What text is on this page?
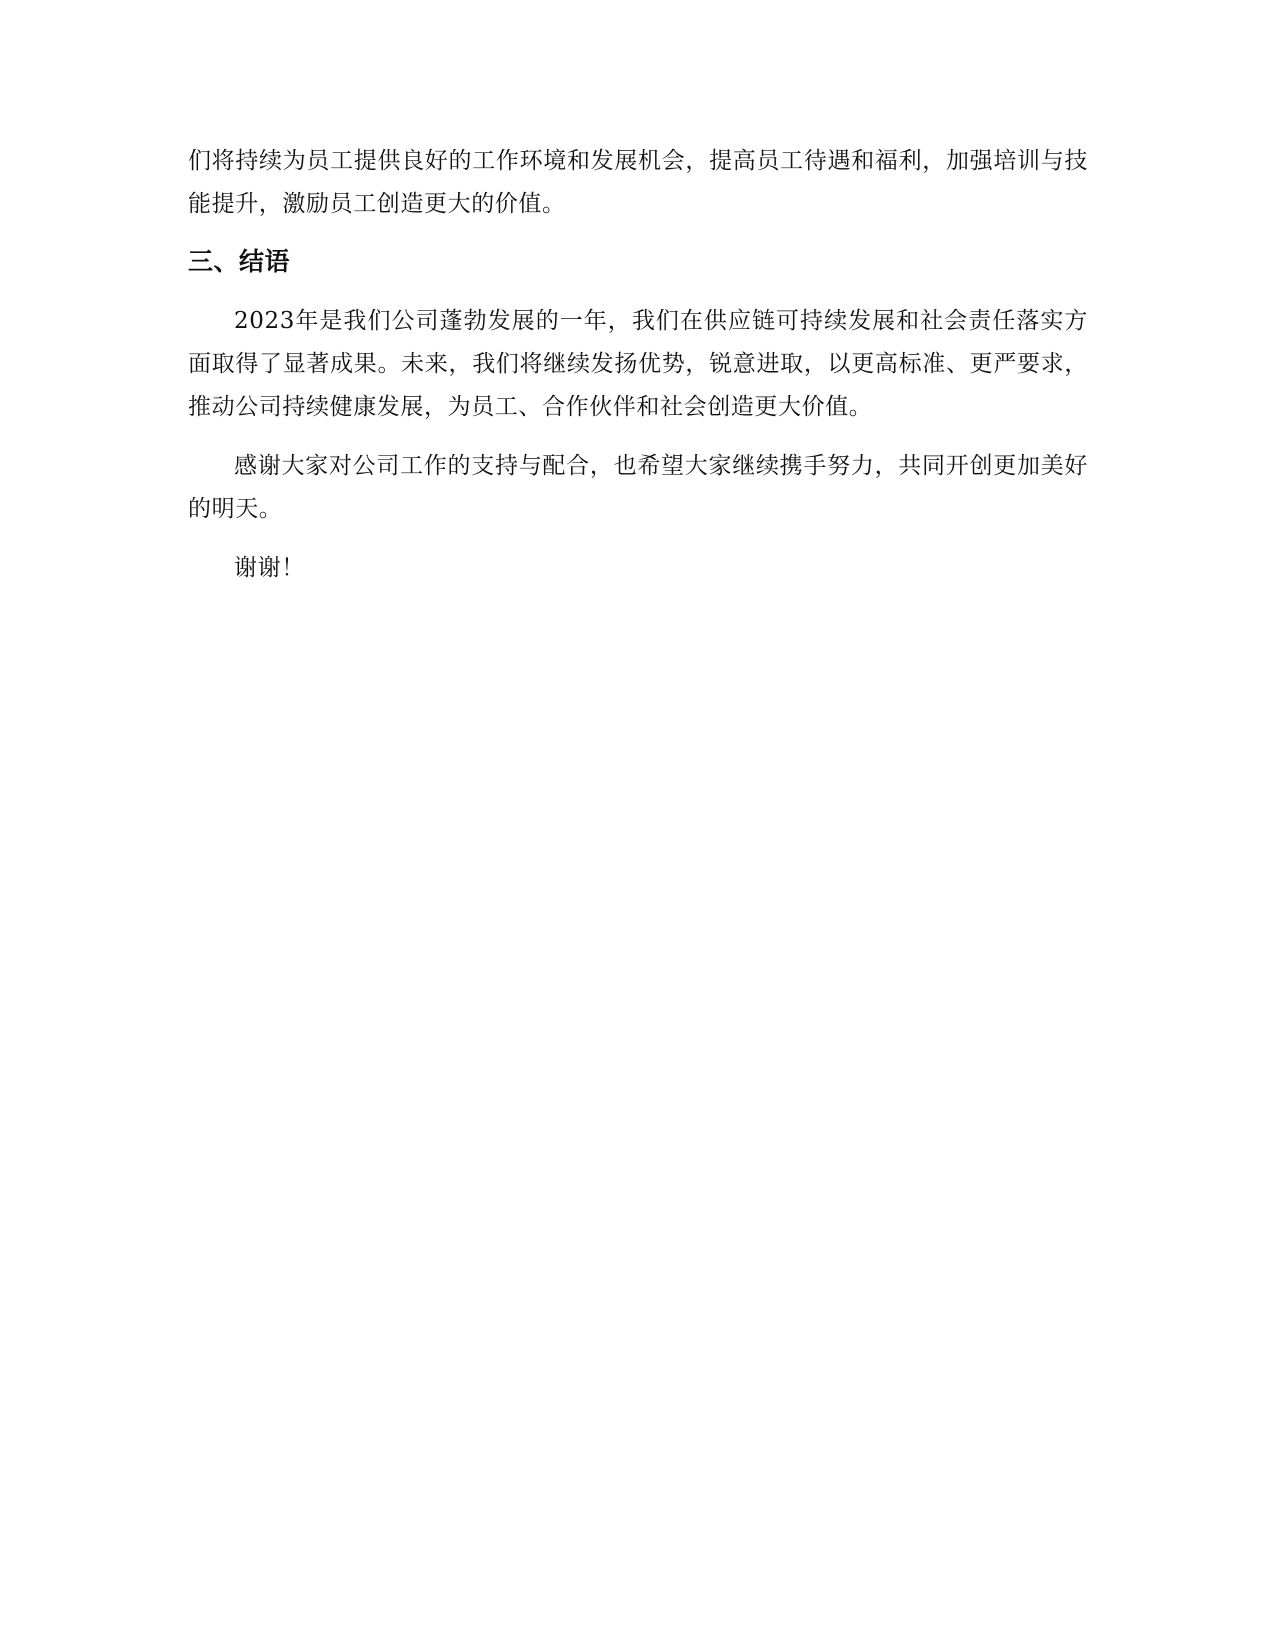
们将持续为员工提供良好的工作环境和发展机会，提高员工待遇和福利，加强培训与技能提升，激励员工创造更大的价值。

三、结语

2023年是我们公司蓬勃发展的一年，我们在供应链可持续发展和社会责任落实方面取得了显著成果。未来，我们将继续发扬优势，锐意进取，以更高标准、更严要求，推动公司持续健康发展，为员工、合作伙伴和社会创造更大价值。

感谢大家对公司工作的支持与配合，也希望大家继续携手努力，共同开创更加美好的明天。

谢谢！
